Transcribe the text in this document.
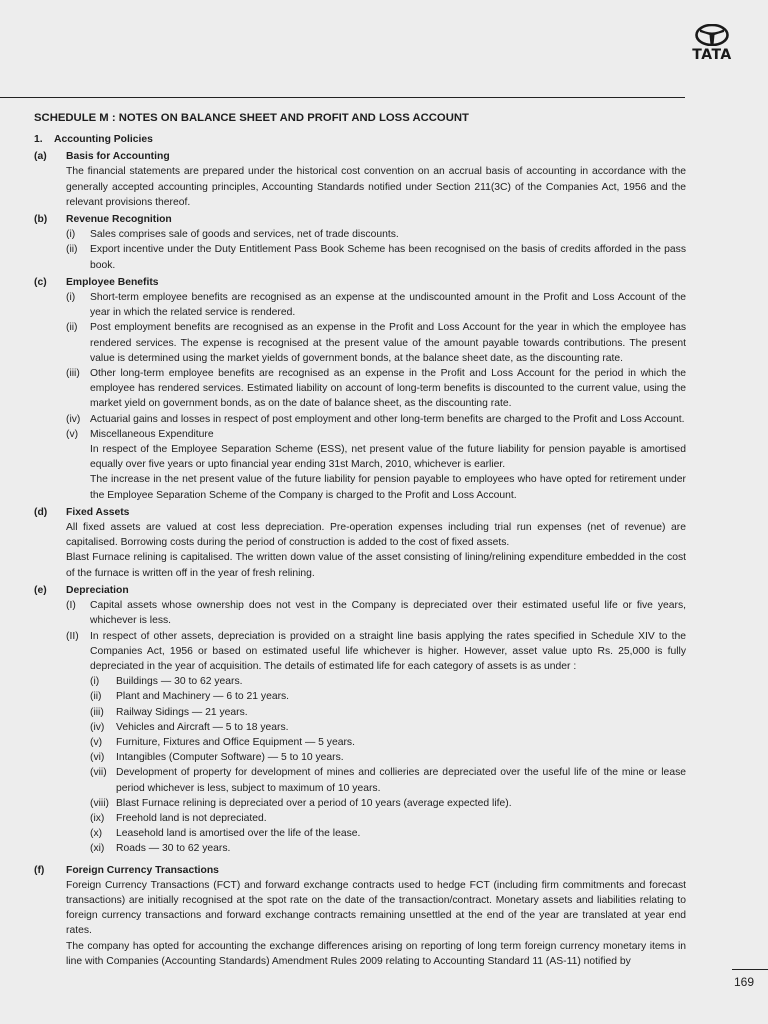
TATA
SCHEDULE M : NOTES ON BALANCE SHEET AND PROFIT AND LOSS ACCOUNT
1.	Accounting Policies
(a)	Basis for Accounting
The financial statements are prepared under the historical cost convention on an accrual basis of accounting in accordance with the generally accepted accounting principles, Accounting Standards notified under Section 211(3C) of the Companies Act, 1956 and the relevant provisions thereof.
(b)	Revenue Recognition
(i)	Sales comprises sale of goods and services, net of trade discounts.
(ii)	Export incentive under the Duty Entitlement Pass Book Scheme has been recognised on the basis of credits afforded in the pass book.
(c)	Employee Benefits
(i)	Short-term employee benefits are recognised as an expense at the undiscounted amount in the Profit and Loss Account of the year in which the related service is rendered.
(ii)	Post employment benefits are recognised as an expense in the Profit and Loss Account for the year in which the employee has rendered services. The expense is recognised at the present value of the amount payable towards contributions. The present value is determined using the market yields of government bonds, at the balance sheet date, as the discounting rate.
(iii) Other long-term employee benefits are recognised as an expense in the Profit and Loss Account for the period in which the employee has rendered services. Estimated liability on account of long-term benefits is discounted to the current value, using the market yield on government bonds, as on the date of balance sheet, as the discounting rate.
(iv) Actuarial gains and losses in respect of post employment and other long-term benefits are charged to the Profit and Loss Account.
(v)	Miscellaneous Expenditure
In respect of the Employee Separation Scheme (ESS), net present value of the future liability for pension payable is amortised equally over five years or upto financial year ending 31st March, 2010, whichever is earlier.
The increase in the net present value of the future liability for pension payable to employees who have opted for retirement under the Employee Separation Scheme of the Company is charged to the Profit and Loss Account.
(d)	Fixed Assets
All fixed assets are valued at cost less depreciation. Pre-operation expenses including trial run expenses (net of revenue) are capitalised. Borrowing costs during the period of construction is added to the cost of fixed assets.
Blast Furnace relining is capitalised. The written down value of the asset consisting of lining/relining expenditure embedded in the cost of the furnace is written off in the year of fresh relining.
(e)	Depreciation
(I)	Capital assets whose ownership does not vest in the Company is depreciated over their estimated useful life or five years, whichever is less.
(II)	In respect of other assets, depreciation is provided on a straight line basis applying the rates specified in Schedule XIV to the Companies Act, 1956 or based on estimated useful life whichever is higher. However, asset value upto Rs. 25,000 is fully depreciated in the year of acquisition. The details of estimated life for each category of assets is as under :
(i)	Buildings — 30 to 62 years.
(ii)	Plant and Machinery — 6 to 21 years.
(iii)	Railway Sidings — 21 years.
(iv)	Vehicles and Aircraft — 5 to 18 years.
(v)	Furniture, Fixtures and Office Equipment — 5 years.
(vi)	Intangibles (Computer Software) — 5 to 10 years.
(vii) Development of property for development of mines and collieries are depreciated over the useful life of the mine or lease period whichever is less, subject to maximum of 10 years.
(viii) Blast Furnace relining is depreciated over a period of 10 years (average expected life).
(ix)	Freehold land is not depreciated.
(x)	Leasehold land is amortised over the life of the lease.
(xi)	Roads — 30 to 62 years.
(f)	Foreign Currency Transactions
Foreign Currency Transactions (FCT) and forward exchange contracts used to hedge FCT (including firm commitments and forecast transactions) are initially recognised at the spot rate on the date of the transaction/contract. Monetary assets and liabilities relating to foreign currency transactions and forward exchange contracts remaining unsettled at the end of the year are translated at year end rates.
The company has opted for accounting the exchange differences arising on reporting of long term foreign currency monetary items in line with Companies (Accounting Standards) Amendment Rules 2009 relating to Accounting Standard 11 (AS-11) notified by
169
